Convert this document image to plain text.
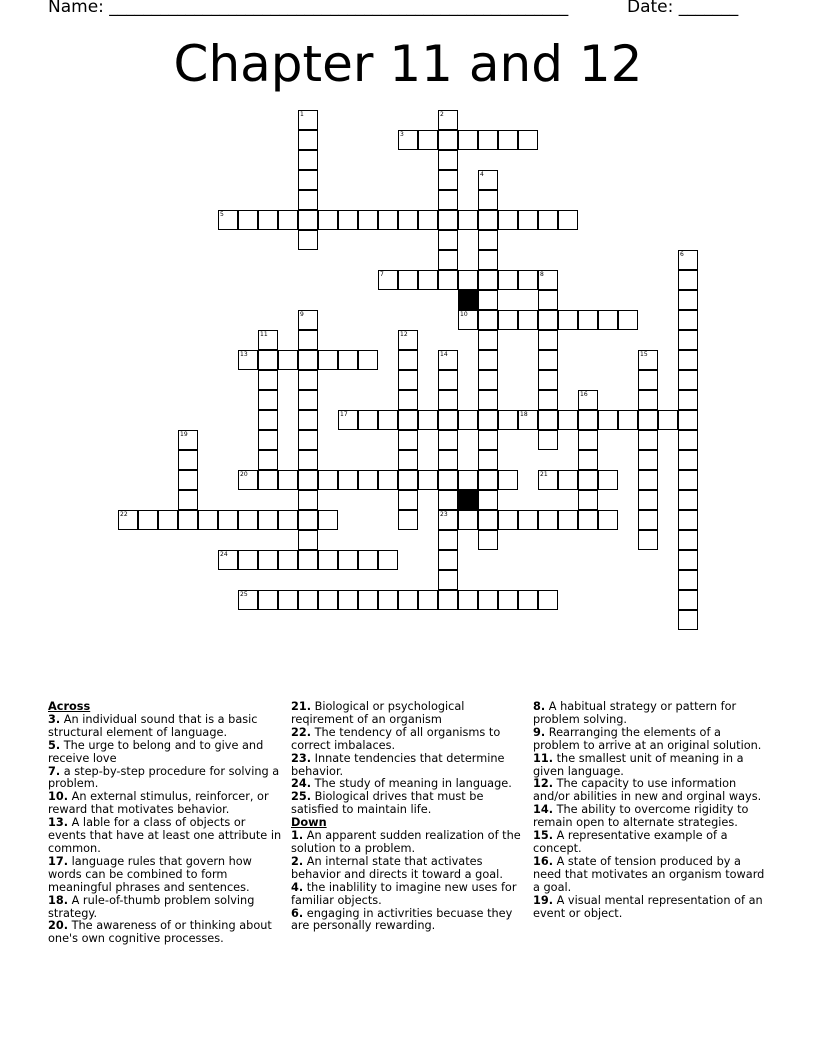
Name: ______________________________________________________	Date: _______
Chapter 11 and 12
1	2
3
4
5
6
7	8
9	10
11	12
13	14
23
15
16
17	18
19
20	21
22
24
25
Across
3. An individual sound that is a basic structural element of language.
5. The urge to belong and to give and receive love
7. a step-by-step procedure for solving a problem.
10. An external stimulus, reinforcer, or reward that motivates behavior.
13. A lable for a class of objects or events that have at least one attribute in common.
17. language rules that govern how words can be combined to form meaningful phrases and sentences.
18. A rule-of-thumb problem solving strategy.
20. The awareness of or thinking about one's own cognitive processes.
21. Biological or psychological reqirement of an organism
22. The tendency of all organisms to correct imbalaces.
23. Innate tendencies that determine behavior.
24. The study of meaning in language.
25. Biological drives that must be satisfied to maintain life.
Down
1. An apparent sudden realization of the solution to a problem.
2. An internal state that activates behavior and directs it toward a goal.
4. the inablility to imagine new uses for familiar objects.
6. engaging in activrities becuase they are personally rewarding.
8. A habitual strategy or pattern for problem solving.
9. Rearranging the elements of a problem to arrive at an original solution.
11. the smallest unit of meaning in a given language.
12. The capacity to use information and/or abilities in new and orginal ways.
14. The ability to overcome rigidity to remain open to alternate strategies.
15. A representative example of a concept.
16. A state of tension produced by a need that motivates an organism toward a goal.
19. A visual mental representation of an event or object.
